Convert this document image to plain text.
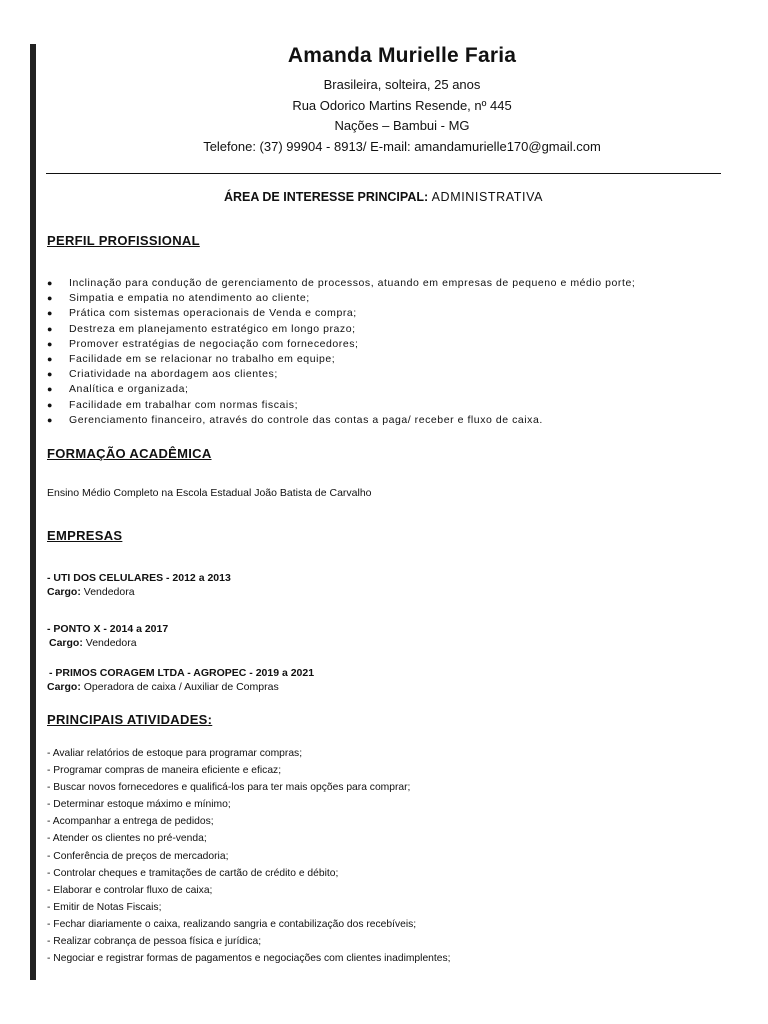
Amanda Murielle Faria
Brasileira, solteira, 25 anos
Rua Odorico Martins Resende, nº 445
Nações – Bambui - MG
Telefone: (37) 99904 - 8913/ E-mail: amandamurielle170@gmail.com
ÁREA DE INTERESSE PRINCIPAL: ADMINISTRATIVA
PERFIL PROFISSIONAL
● Inclinação para condução de gerenciamento de processos, atuando em empresas de pequeno e médio porte;
● Simpatia e empatia no atendimento ao cliente;
● Prática com sistemas operacionais de Venda e compra;
● Destreza em planejamento estratégico em longo prazo;
● Promover estratégias de negociação com fornecedores;
● Facilidade em se relacionar no trabalho em equipe;
● Criatividade na abordagem aos clientes;
● Analítica e organizada;
● Facilidade em trabalhar com normas fiscais;
● Gerenciamento financeiro, através do controle das contas a paga/ receber e fluxo de caixa.
FORMAÇÃO ACADÊMICA
Ensino Médio Completo na Escola Estadual João Batista de Carvalho
EMPRESAS
- UTI DOS CELULARES - 2012 a 2013
Cargo: Vendedora
- PONTO X - 2014 a 2017
Cargo: Vendedora
- PRIMOS CORAGEM LTDA - AGROPEC - 2019 a 2021
Cargo: Operadora de caixa / Auxiliar de Compras
PRINCIPAIS ATIVIDADES:
- Avaliar relatórios de estoque para programar compras;
- Programar compras de maneira eficiente e eficaz;
- Buscar novos fornecedores e qualificá-los para ter mais opções para comprar;
- Determinar estoque máximo e mínimo;
- Acompanhar a entrega de pedidos;
- Atender os clientes no pré-venda;
- Conferência de preços de mercadoria;
- Controlar cheques e tramitações de cartão de crédito e débito;
- Elaborar e controlar fluxo de caixa;
- Emitir de Notas Fiscais;
- Fechar diariamente o caixa, realizando sangria e contabilização dos recebíveis;
- Realizar cobrança de pessoa física e jurídica;
- Negociar e registrar formas de pagamentos e negociações com clientes inadimplentes;
